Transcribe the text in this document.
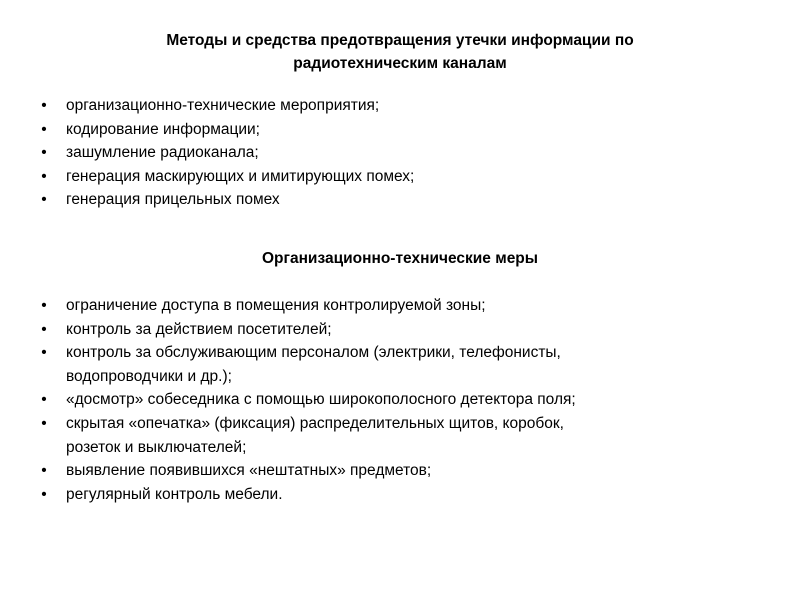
Методы и средства предотвращения утечки информации по
радиотехническим каналам
• организационно-технические мероприятия;
• кодирование информации;
• зашумление радиоканала;
• генерация маскирующих и имитирующих помех;
• генерация прицельных помех
Организационно-технические меры
• ограничение доступа в помещения контролируемой зоны;
• контроль за действием посетителей;
• контроль за обслуживающим персоналом (электрики, телефонисты,
водопроводчики и др.);
• «досмотр» собеседника с помощью широкополосного детектора поля;
• скрытая «опечатка» (фиксация) распределительных щитов, коробок,
розеток и выключателей;
• выявление появившихся «нештатных» предметов;
• регулярный контроль мебели.
